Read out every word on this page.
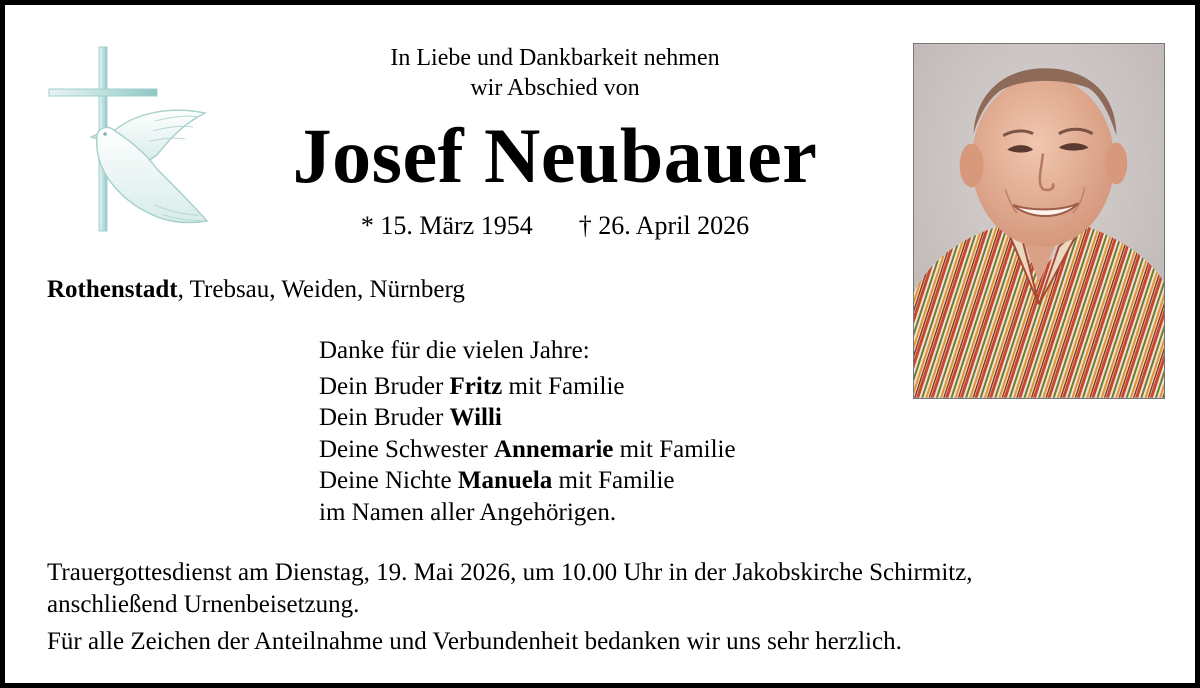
In Liebe und Dankbarkeit nehmen
wir Abschied von
Josef Neubauer
* 15. März 1954 † 26. April 2026
Rothenstadt, Trebsau, Weiden, Nürnberg
Danke für die vielen Jahre:
Dein Bruder Fritz mit Familie
Dein Bruder Willi
Deine Schwester Annemarie mit Familie
Deine Nichte Manuela mit Familie
im Namen aller Angehörigen.
Trauergottesdienst am Dienstag, 19. Mai 2026, um 10.00 Uhr in der Jakobskirche Schirmitz,
anschließend Urnenbeisetzung.
Für alle Zeichen der Anteilnahme und Verbundenheit bedanken wir uns sehr herzlich.
